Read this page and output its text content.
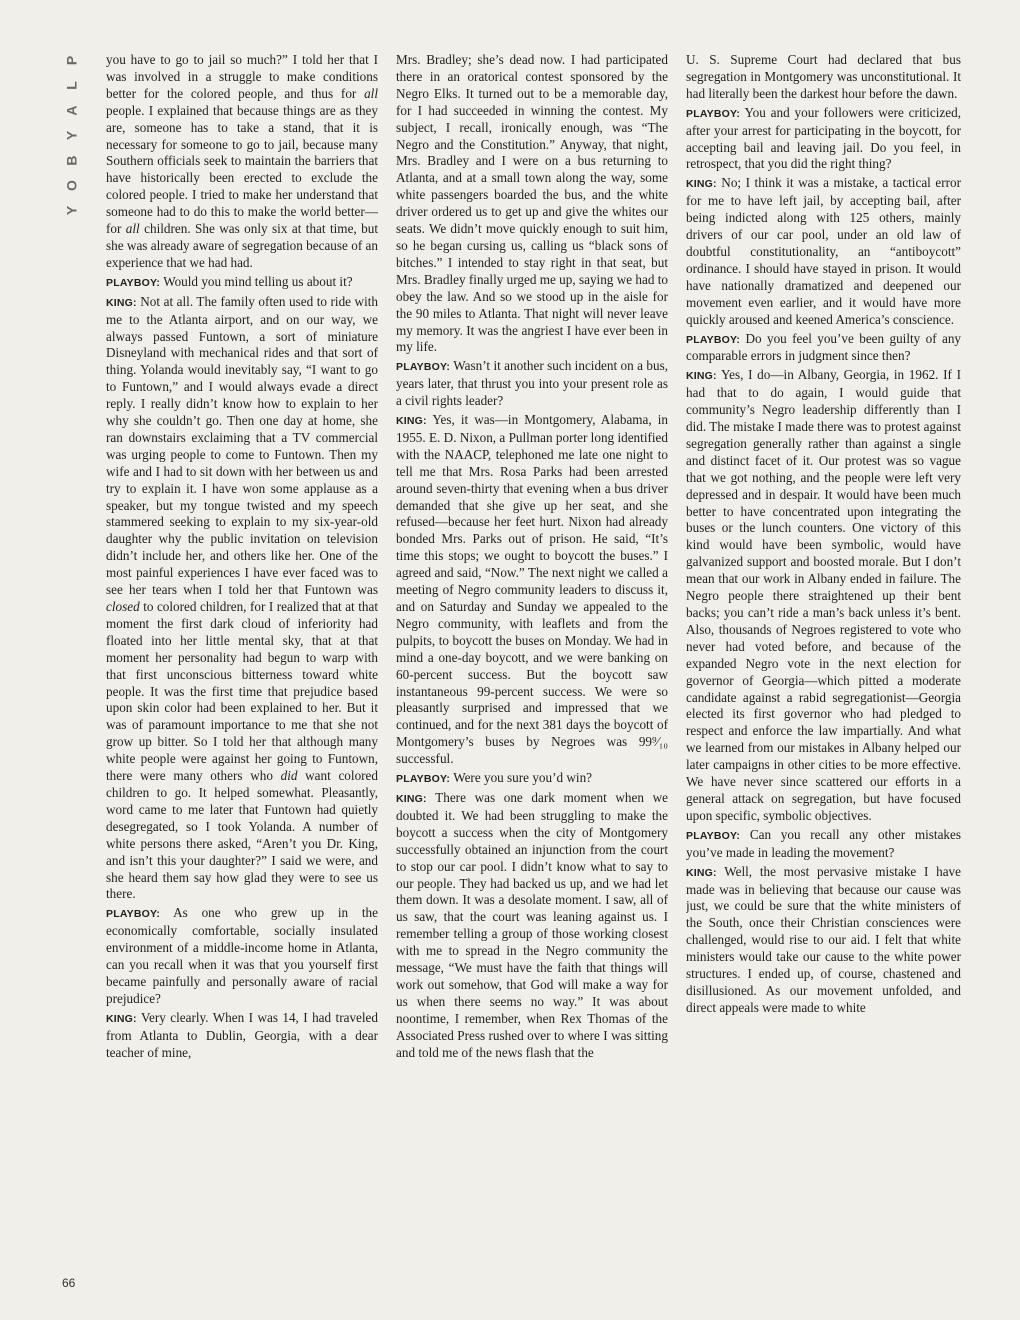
P
L
A
Y
B
O
Y
66

you have to go to jail so much?” I told her that I was involved in a struggle to make conditions better for the colored people, and thus for all people. I explained that because things are as they are, someone has to take a stand, that it is necessary for someone to go to jail, because many Southern officials seek to maintain the barriers that have historically been erected to exclude the colored people. I tried to make her understand that someone had to do this to make the world better—for all children. She was only six at that time, but she was already aware of segregation because of an experience that we had had.

PLAYBOY: Would you mind telling us about it?

KING: Not at all. The family often used to ride with me to the Atlanta airport, and on our way, we always passed Funtown, a sort of miniature Disneyland with mechanical rides and that sort of thing. Yolanda would inevitably say, “I want to go to Funtown,” and I would always evade a direct reply. I really didn’t know how to explain to her why she couldn’t go. Then one day at home, she ran downstairs exclaiming that a TV commercial was urging people to come to Funtown. Then my wife and I had to sit down with her between us and try to explain it. I have won some applause as a speaker, but my tongue twisted and my speech stammered seeking to explain to my six-year-old daughter why the public invitation on television didn’t include her, and others like her. One of the most painful experiences I have ever faced was to see her tears when I told her that Funtown was closed to colored children, for I realized that at that moment the first dark cloud of inferiority had floated into her little mental sky, that at that moment her personality had begun to warp with that first unconscious bitterness toward white people. It was the first time that prejudice based upon skin color had been explained to her. But it was of paramount importance to me that she not grow up bitter. So I told her that although many white people were against her going to Funtown, there were many others who did want colored children to go. It helped somewhat. Pleasantly, word came to me later that Funtown had quietly desegregated, so I took Yolanda. A number of white persons there asked, “Aren’t you Dr. King, and isn’t this your daughter?” I said we were, and she heard them say how glad they were to see us there.

PLAYBOY: As one who grew up in the economically comfortable, socially insulated environment of a middle-income home in Atlanta, can you recall when it was that you yourself first became painfully and personally aware of racial prejudice?

KING: Very clearly. When I was 14, I had traveled from Atlanta to Dublin, Georgia, with a dear teacher of mine,

Mrs. Bradley; she’s dead now. I had participated there in an oratorical contest sponsored by the Negro Elks. It turned out to be a memorable day, for I had succeeded in winning the contest. My subject, I recall, ironically enough, was “The Negro and the Constitution.” Anyway, that night, Mrs. Bradley and I were on a bus returning to Atlanta, and at a small town along the way, some white passengers boarded the bus, and the white driver ordered us to get up and give the whites our seats. We didn’t move quickly enough to suit him, so he began cursing us, calling us “black sons of bitches.” I intended to stay right in that seat, but Mrs. Bradley finally urged me up, saying we had to obey the law. And so we stood up in the aisle for the 90 miles to Atlanta. That night will never leave my memory. It was the angriest I have ever been in my life.

PLAYBOY: Wasn’t it another such incident on a bus, years later, that thrust you into your present role as a civil rights leader?

KING: Yes, it was—in Montgomery, Alabama, in 1955. E. D. Nixon, a Pullman porter long identified with the NAACP, telephoned me late one night to tell me that Mrs. Rosa Parks had been arrested around seven-thirty that evening when a bus driver demanded that she give up her seat, and she refused—because her feet hurt. Nixon had already bonded Mrs. Parks out of prison. He said, “It’s time this stops; we ought to boycott the buses.” I agreed and said, “Now.” The next night we called a meeting of Negro community leaders to discuss it, and on Saturday and Sunday we appealed to the Negro community, with leaflets and from the pulpits, to boycott the buses on Monday. We had in mind a one-day boycott, and we were banking on 60-percent success. But the boycott saw instantaneous 99-percent success. We were so pleasantly surprised and impressed that we continued, and for the next 381 days the boycott of Montgomery’s buses by Negroes was 99⁹⁄₁₀ successful.

PLAYBOY: Were you sure you’d win?

KING: There was one dark moment when we doubted it. We had been struggling to make the boycott a success when the city of Montgomery successfully obtained an injunction from the court to stop our car pool. I didn’t know what to say to our people. They had backed us up, and we had let them down. It was a desolate moment. I saw, all of us saw, that the court was leaning against us. I remember telling a group of those working closest with me to spread in the Negro community the message, “We must have the faith that things will work out somehow, that God will make a way for us when there seems no way.” It was about noontime, I remember, when Rex Thomas of the Associated Press rushed over to where I was sitting and told me of the news flash that the

U. S. Supreme Court had declared that bus segregation in Montgomery was unconstitutional. It had literally been the darkest hour before the dawn.

PLAYBOY: You and your followers were criticized, after your arrest for participating in the boycott, for accepting bail and leaving jail. Do you feel, in retrospect, that you did the right thing?

KING: No; I think it was a mistake, a tactical error for me to have left jail, by accepting bail, after being indicted along with 125 others, mainly drivers of our car pool, under an old law of doubtful constitutionality, an “antiboycott” ordinance. I should have stayed in prison. It would have nationally dramatized and deepened our movement even earlier, and it would have more quickly aroused and keened America’s conscience.

PLAYBOY: Do you feel you’ve been guilty of any comparable errors in judgment since then?

KING: Yes, I do—in Albany, Georgia, in 1962. If I had that to do again, I would guide that community’s Negro leadership differently than I did. The mistake I made there was to protest against segregation generally rather than against a single and distinct facet of it. Our protest was so vague that we got nothing, and the people were left very depressed and in despair. It would have been much better to have concentrated upon integrating the buses or the lunch counters. One victory of this kind would have been symbolic, would have galvanized support and boosted morale. But I don’t mean that our work in Albany ended in failure. The Negro people there straightened up their bent backs; you can’t ride a man’s back unless it’s bent. Also, thousands of Negroes registered to vote who never had voted before, and because of the expanded Negro vote in the next election for governor of Georgia—which pitted a moderate candidate against a rabid segregationist—Georgia elected its first governor who had pledged to respect and enforce the law impartially. And what we learned from our mistakes in Albany helped our later campaigns in other cities to be more effective. We have never since scattered our efforts in a general attack on segregation, but have focused upon specific, symbolic objectives.

PLAYBOY: Can you recall any other mistakes you’ve made in leading the movement?

KING: Well, the most pervasive mistake I have made was in believing that because our cause was just, we could be sure that the white ministers of the South, once their Christian consciences were challenged, would rise to our aid. I felt that white ministers would take our cause to the white power structures. I ended up, of course, chastened and disillusioned. As our movement unfolded, and direct appeals were made to white
